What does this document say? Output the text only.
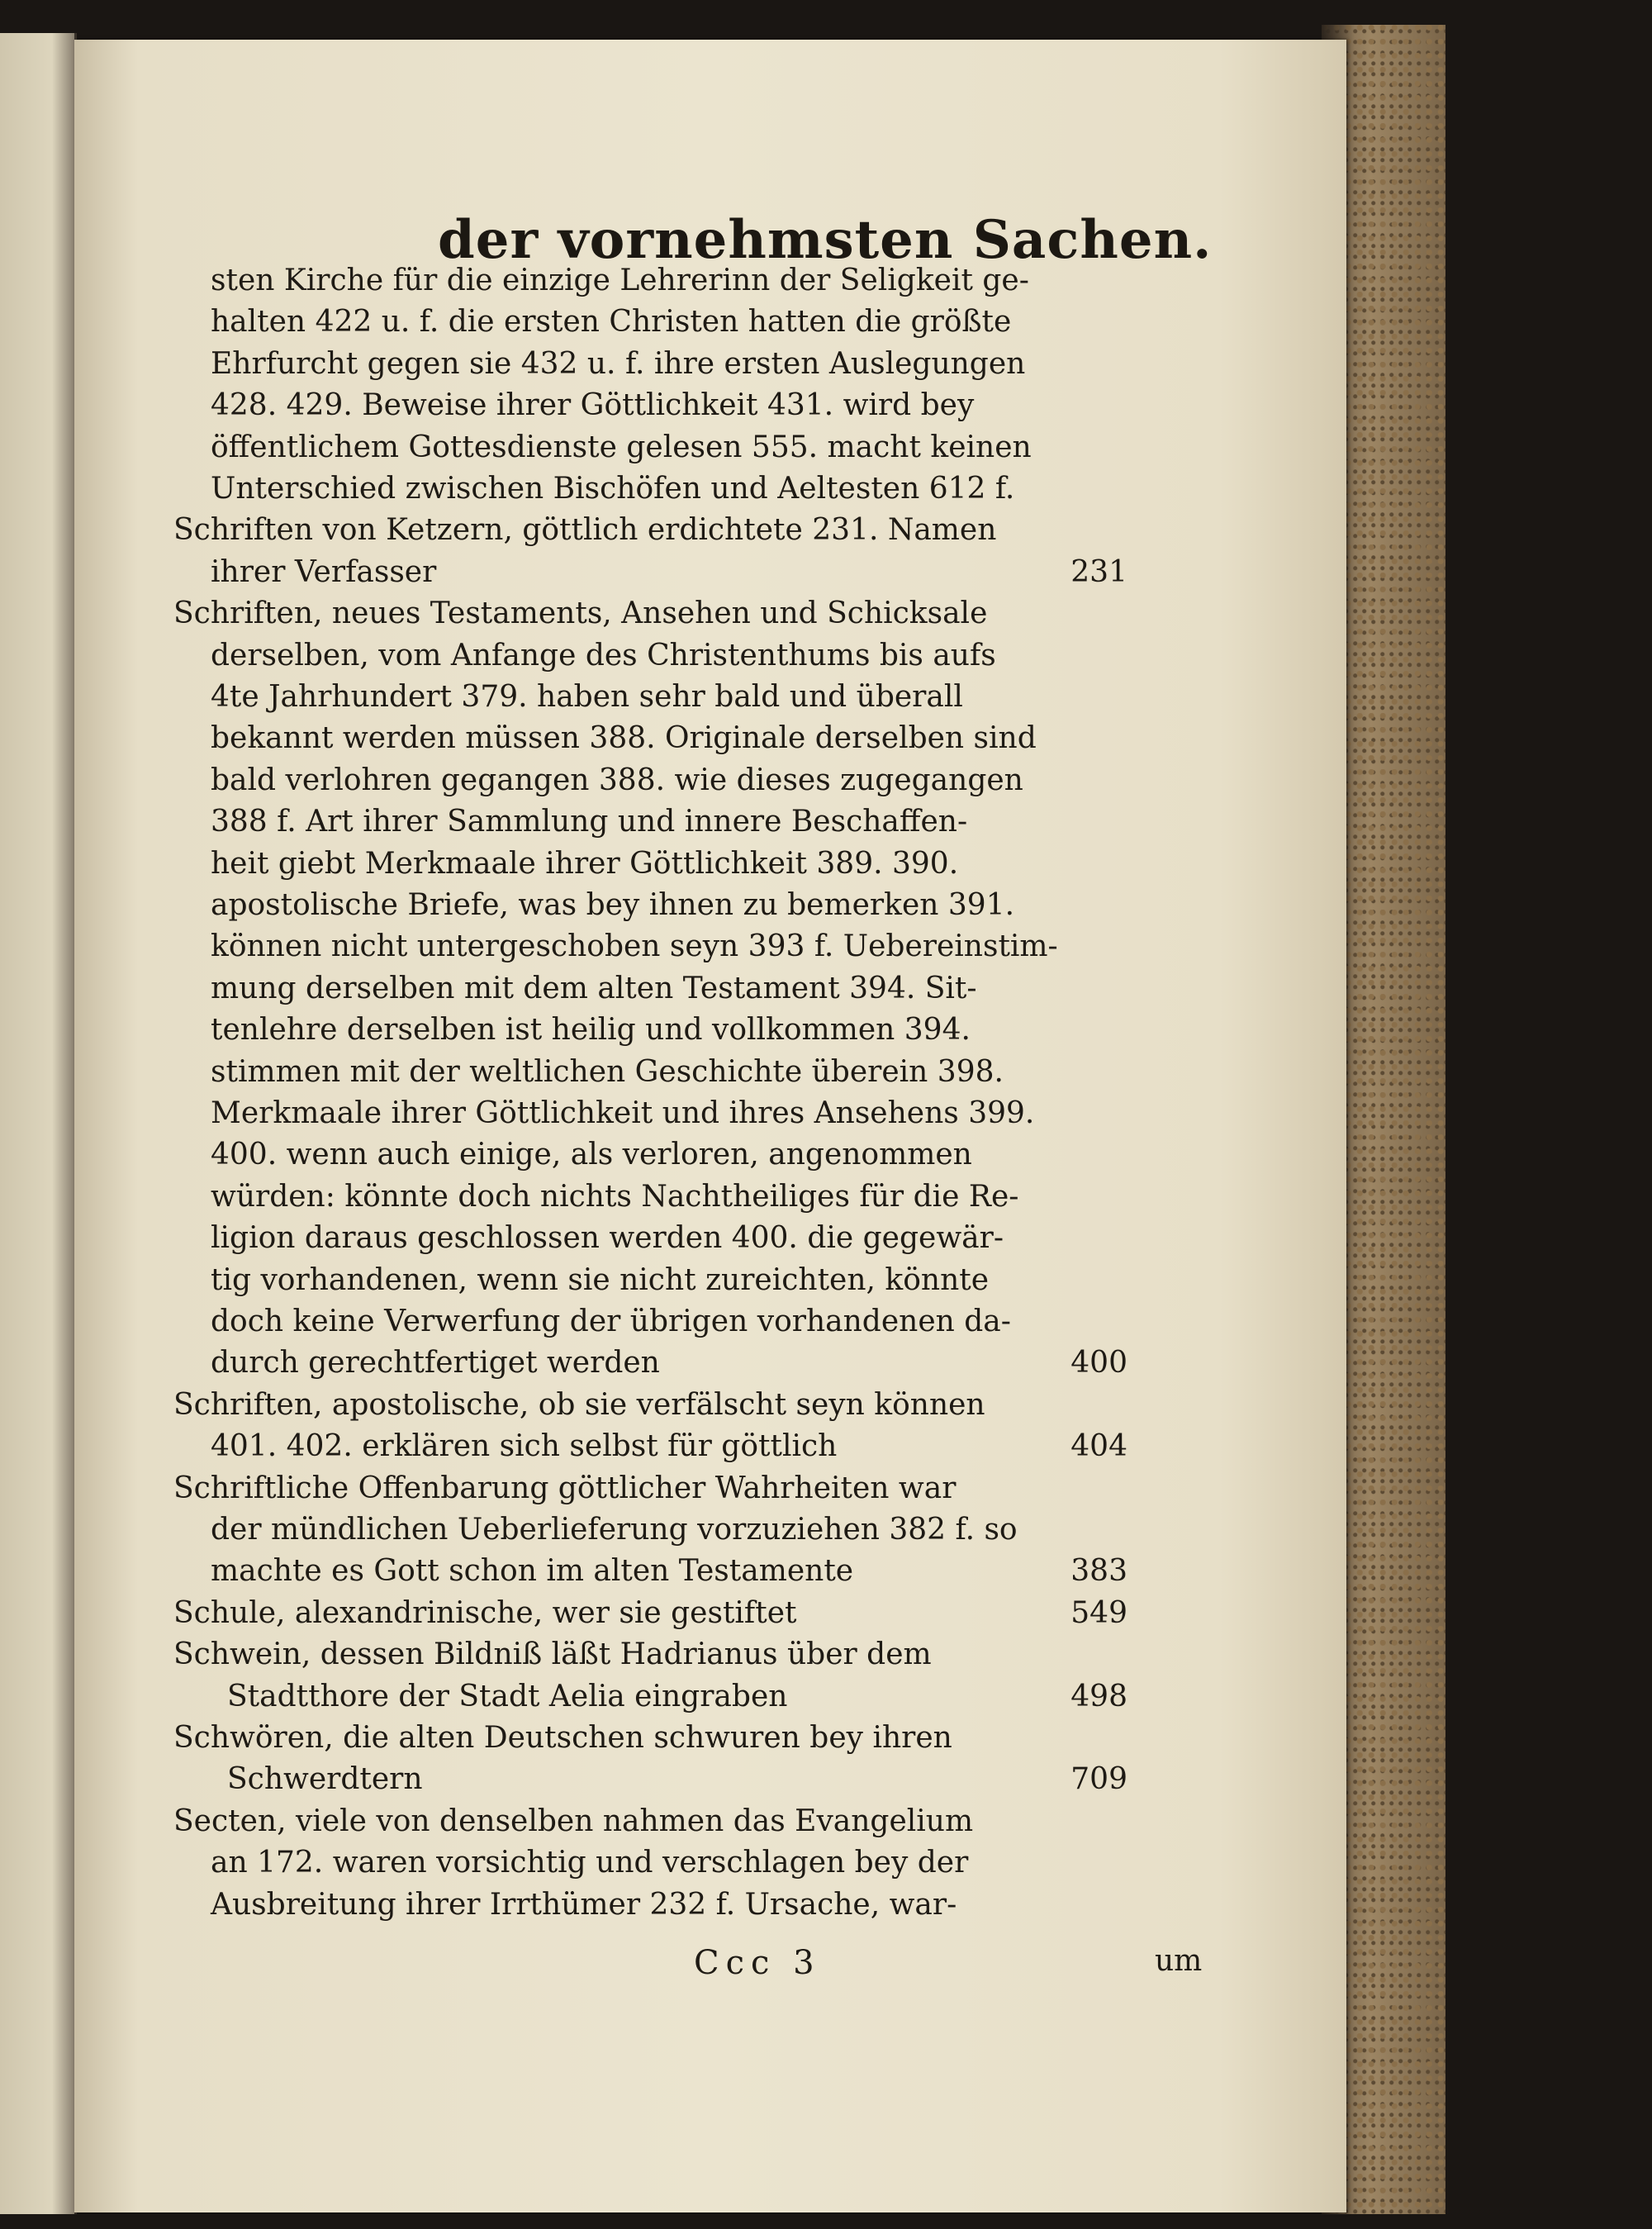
der vornehmsten Sachen.
sten Kirche für die einzige Lehrerinn der Seligkeit ge-
halten 422 u. f. die ersten Christen hatten die größte
Ehrfurcht gegen sie 432 u. f. ihre ersten Auslegungen
428. 429. Beweise ihrer Göttlichkeit 431. wird bey
öffentlichem Gottesdienste gelesen 555. macht keinen
Unterschied zwischen Bischöfen und Aeltesten 612 f.
Schriften von Ketzern, göttlich erdichtete 231. Namen
ihrer Verfasser	231
Schriften, neues Testaments, Ansehen und Schicksale
derselben, vom Anfange des Christenthums bis aufs
4te Jahrhundert 379. haben sehr bald und überall
bekannt werden müssen 388. Originale derselben sind
bald verlohren gegangen 388. wie dieses zugegangen
388 f. Art ihrer Sammlung und innere Beschaffen-
heit giebt Merkmaale ihrer Göttlichkeit 389. 390.
apostolische Briefe, was bey ihnen zu bemerken 391.
können nicht untergeschoben seyn 393 f. Uebereinstim-
mung derselben mit dem alten Testament 394. Sit-
tenlehre derselben ist heilig und vollkommen 394.
stimmen mit der weltlichen Geschichte überein 398.
Merkmaale ihrer Göttlichkeit und ihres Ansehens 399.
400. wenn auch einige, als verloren, angenommen
würden: könnte doch nichts Nachtheiliges für die Re-
ligion daraus geschlossen werden 400. die gegewär-
tig vorhandenen, wenn sie nicht zureichten, könnte
doch keine Verwerfung der übrigen vorhandenen da-
durch gerechtfertiget werden	400
Schriften, apostolische, ob sie verfälscht seyn können
401. 402. erklären sich selbst für göttlich	404
Schriftliche Offenbarung göttlicher Wahrheiten war
der mündlichen Ueberlieferung vorzuziehen 382 f. so
machte es Gott schon im alten Testamente	383
Schule, alexandrinische, wer sie gestiftet	549
Schwein, dessen Bildniß läßt Hadrianus über dem
Stadtthore der Stadt Aelia eingraben	498
Schwören, die alten Deutschen schwuren bey ihren
Schwerdtern	709
Secten, viele von denselben nahmen das Evangelium
an 172. waren vorsichtig und verschlagen bey der
Ausbreitung ihrer Irrthümer 232 f. Ursache, war-
Ccc 3	um
